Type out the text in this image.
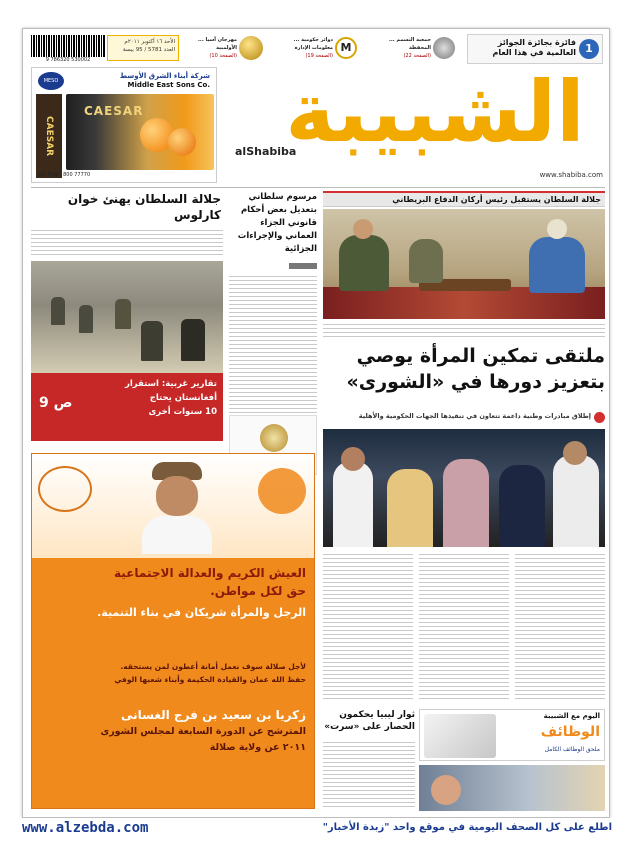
9 786320 530002
الأحد ١٦ أكتوبر ٢٠١١م
العدد 5781 / 95 بيسة
مهرجان أسيا ... الأولمبية
(الصفحة 10)
M
دوائر حكومية ... معلومات الإدارة
(الصفحة 19)
جمعية التسمم ... المحفظة
(الصفحة 22)
1
فائزة بجائزة الجوائز العالمية في هذا العام
شركة أبناء الشرق الأوسط
Middle East Sons Co.
MESO
CAESAR
CAESAR
Toll Free : 800 77770
الشبيبة
alShabiba
www.shabiba.com
جلالة السلطان يستقبل رئيس أركان الدفاع البريطاني
ملتقى تمكين المرأة يوصي
بتعزيز دورها في «الشورى»
إطلاق مبادرات وطنية داعمة تتعاون في تنفيذها الجهات الحكومية والأهلية
اليوم مع الشبيبة
الوظائف
ملحق الوظائف الكامل
ثوار ليبيا يحكمون الحصار على «سرت»
مرسوم سلطاني بتعديل بعض أحكام قانوني الجزاء العماني والإجراءات الجزائية
جلالة السلطان يهنئ خوان كارلوس
تقارير غربية: استقرار
أفغانستان يحتاج
10 سنوات أخرى
ص 9
العيش الكريم والعدالة الاجتماعية
حق لكل مواطن.
الرجل والمرأة شريكان في بناء التنمية.
لأجل صلالة سوف نعمل أمانة أعطون لمن يستحقه.
حفظ الله عمان والقيادة الحكيمة وأبناء شعبها الوفي
زكريا بن سعيد بن فرج الغسانى
المترشح عن الدورة السابعة لمجلس الشورى
٢٠١١ عن ولاية صلالة
www.alzebda.com	اطلع على كل الصحف اليومية في موقع واحد "زبدة الأخبار"
